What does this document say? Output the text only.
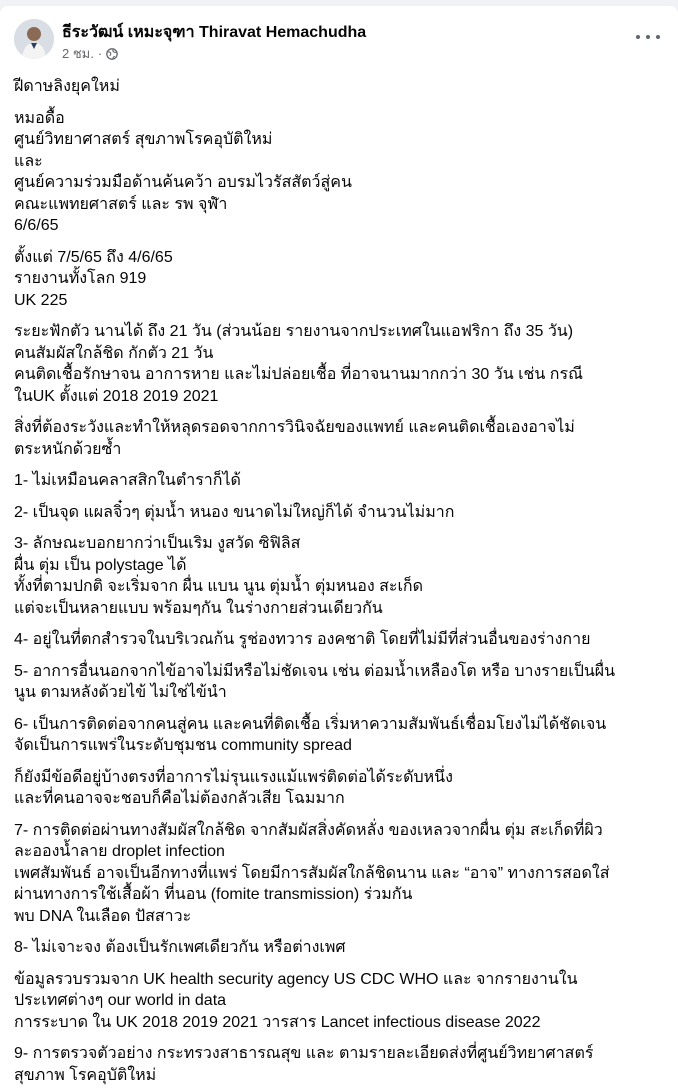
ธีระวัฒน์ เหมะจุฑา Thiravat Hemachudha
2 ชม. ·
ฝีดาษลิงยุคใหม่
หมอดื้อ
ศูนย์วิทยาศาสตร์ สุขภาพโรคอุบัติใหม่
และ
ศูนย์ความร่วมมือด้านค้นคว้า อบรมไวรัสสัตว์สู่คน
คณะแพทยศาสตร์ และ รพ จุฬำ
6/6/65
ตั้งแต่ 7/5/65 ถึง 4/6/65
รายงานทั้งโลก 919
UK 225
ระยะฟักตัว นานได้ ถึง 21 วัน (ส่วนน้อย รายงานจากประเทศในแอฟริกา ถึง 35 วัน)
คนสัมผัสใกล้ชิด กักตัว 21 วัน
คนติดเชื้อรักษาจน อาการหาย และไม่ปล่อยเชื้อ ที่อาจนานมากกว่า 30 วัน เช่น กรณี
ในUK ตั้งแต่ 2018 2019 2021
สิ่งที่ต้องระวังและทำให้หลุดรอดจากการวินิจฉัยของแพทย์ และคนติดเชื้อเองอาจไม่
ตระหนักด้วยซ้ำ
1- ไม่เหมือนคลาสสิกในตำราก็ได้
2- เป็นจุด แผลจิ๋วๆ ตุ่มน้ำ หนอง ขนาดไม่ใหญ่ก็ได้ จำนวนไม่มาก
3- ลักษณะบอกยากว่าเป็นเริม งูสวัด ซิฟิลิส
ผื่น ตุ่ม เป็น polystage ได้
ทั้งที่ตามปกติ จะเริ่มจาก ผื่น แบน นูน ตุ่มน้ำ ตุ่มหนอง สะเก็ด
แต่จะเป็นหลายแบบ พร้อมๆกัน ในร่างกายส่วนเดียวกัน
4- อยู่ในที่ตกสำรวจในบริเวณก้น รูช่องทวาร องคชาติ โดยที่ไม่มีที่ส่วนอื่นของร่างกาย
5- อาการอื่นนอกจากไข้อาจไม่มีหรือไม่ชัดเจน เช่น ต่อมน้ำเหลืองโต หรือ บางรายเป็นผื่น
นูน ตามหลังด้วยไข้ ไม่ใช่ไข้นำ
6- เป็นการติดต่อจากคนสู่คน และคนที่ติดเชื้อ เริ่มหาความสัมพันธ์เชื่อมโยงไม่ได้ชัดเจน
จัดเป็นการแพร่ในระดับชุมชน community spread
ก็ยังมีข้อดีอยู่บ้างตรงที่อาการไม่รุนแรงแม้แพร่ติดต่อได้ระดับหนึ่ง
และที่คนอาจจะชอบก็คือไม่ต้องกลัวเสีย โฉมมาก
7- การติดต่อผ่านทางสัมผัสใกล้ชิด จากสัมผัสสิ่งคัดหลั่ง ของเหลวจากผื่น ตุ่ม สะเก็ดที่ผิว
ละอองน้ำลาย droplet infection
เพศสัมพันธ์ อาจเป็นอีกทางที่แพร่ โดยมีการสัมผัสใกล้ชิดนาน และ “อาจ” ทางการสอดใส่
ผ่านทางการใช้เสื้อผ้า ที่นอน (fomite transmission) ร่วมกัน
พบ DNA ในเลือด ปัสสาวะ
8- ไม่เจาะจง ต้องเป็นรักเพศเดียวกัน หรือต่างเพศ
ข้อมูลรวบรวมจาก UK health security agency US CDC WHO และ จากรายงานใน
ประเทศต่างๆ our world in data
การระบาด ใน UK 2018 2019 2021 วารสาร Lancet infectious disease 2022
9- การตรวจตัวอย่าง กระทรวงสาธารณสุข และ ตามรายละเอียดส่งที่ศูนย์วิทยาศาสตร์
สุขภาพ โรคอุบัติใหม่
